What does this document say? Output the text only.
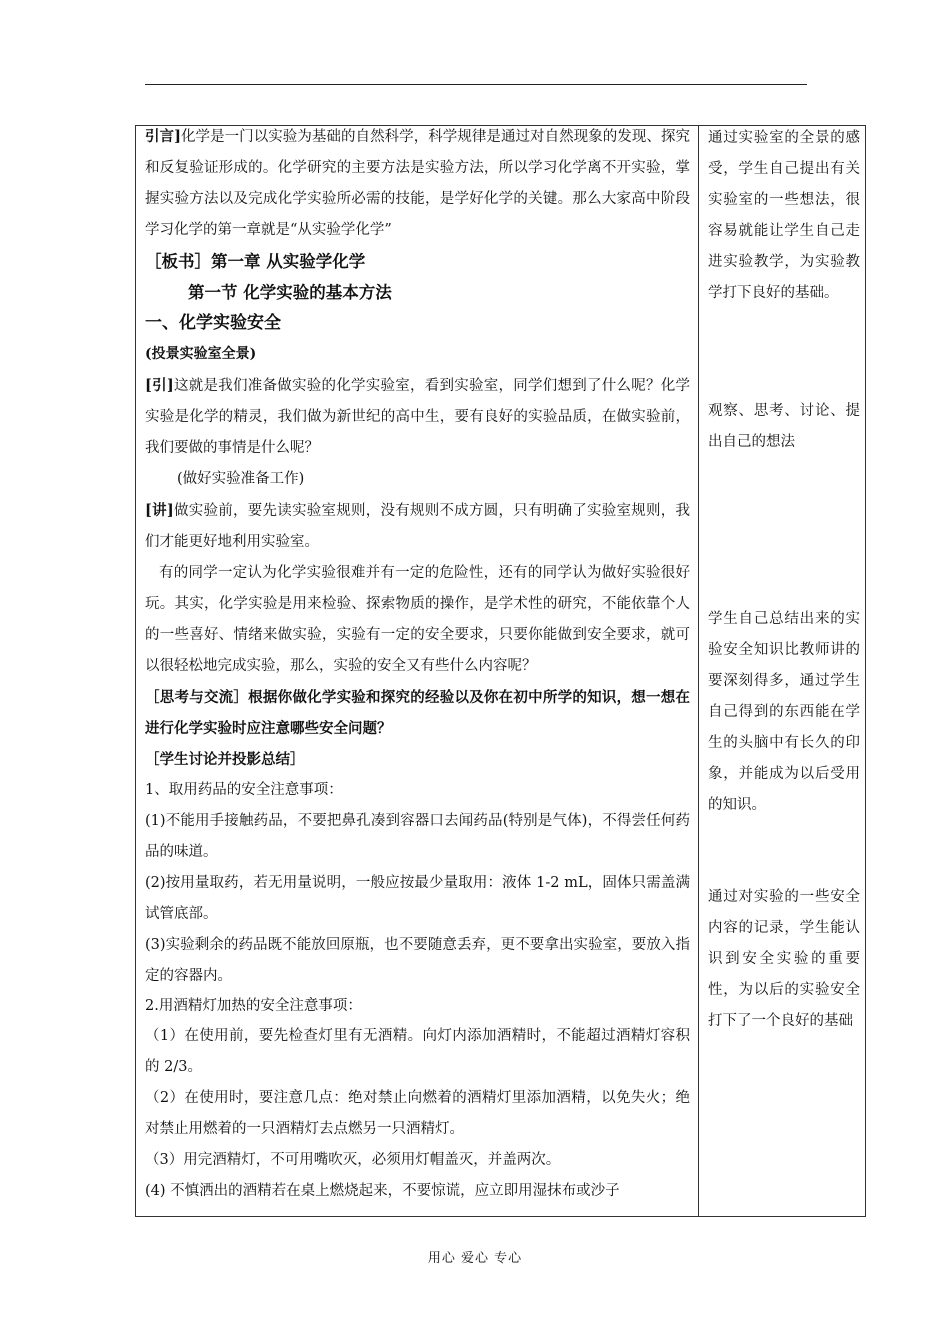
引言]化学是一门以实验为基础的自然科学，科学规律是通过对自然现象的发现、探究和反复验证形成的。化学研究的主要方法是实验方法，所以学习化学离不开实验，掌握实验方法以及完成化学实验所必需的技能，是学好化学的关键。那么大家高中阶段学习化学的第一章就是“从实验学化学”

［板书］第一章 从实验学化学

第一节 化学实验的基本方法

一、化学实验安全

(投景实验室全景)

[引]这就是我们准备做实验的化学实验室，看到实验室，同学们想到了什么呢？化学实验是化学的精灵，我们做为新世纪的高中生，要有良好的实验品质，在做实验前，我们要做的事情是什么呢？

(做好实验准备工作)

[讲]做实验前，要先读实验室规则，没有规则不成方圆，只有明确了实验室规则，我们才能更好地利用实验室。

有的同学一定认为化学实验很难并有一定的危险性，还有的同学认为做好实验很好玩。其实，化学实验是用来检验、探索物质的操作，是学术性的研究，不能依靠个人的一些喜好、情绪来做实验，实验有一定的安全要求，只要你能做到安全要求，就可以很轻松地完成实验，那么，实验的安全又有些什么内容呢？

［思考与交流］根据你做化学实验和探究的经验以及你在初中所学的知识，想一想在进行化学实验时应注意哪些安全问题？

［学生讨论并投影总结］

1、取用药品的安全注意事项：

(1)不能用手接触药品，不要把鼻孔凑到容器口去闻药品(特别是气体)，不得尝任何药品的味道。

(2)按用量取药，若无用量说明，一般应按最少量取用：液体 1-2 mL，固体只需盖满试管底部。

(3)实验剩余的药品既不能放回原瓶，也不要随意丢弃，更不要拿出实验室，要放入指定的容器内。

2.用酒精灯加热的安全注意事项：

（1）在使用前，要先检查灯里有无酒精。向灯内添加酒精时，不能超过酒精灯容积的 2/3。

（2）在使用时，要注意几点：绝对禁止向燃着的酒精灯里添加酒精，以免失火；绝对禁止用燃着的一只酒精灯去点燃另一只酒精灯。

（3）用完酒精灯，不可用嘴吹灭，必须用灯帽盖灭，并盖两次。

(4) 不慎洒出的酒精若在桌上燃烧起来，不要惊谎，应立即用湿抹布或沙子

通过实验室的全景的感受，学生自己提出有关实验室的一些想法，很容易就能让学生自己走进实验教学，为实验教学打下良好的基础。
观察、思考、讨论、提出自己的想法
学生自己总结出来的实验安全知识比教师讲的要深刻得多，通过学生自己得到的东西能在学生的头脑中有长久的印象，并能成为以后受用的知识。
通过对实验的一些安全内容的记录，学生能认识到安全实验的重要性，为以后的实验安全打下了一个良好的基础
用心 爱心 专心
